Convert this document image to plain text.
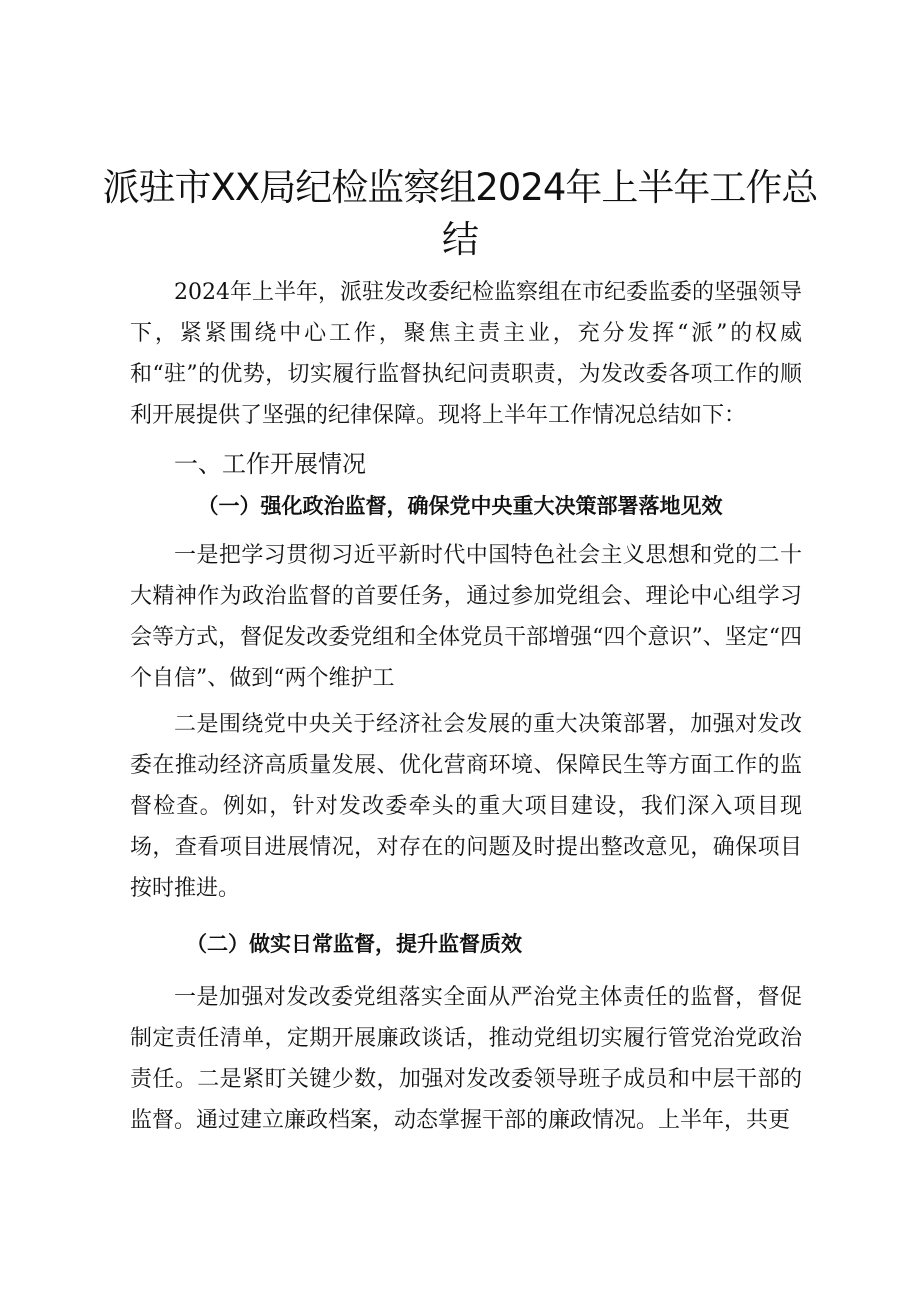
派驻市XX局纪检监察组2024年上半年工作总结

2024年上半年，派驻发改委纪检监察组在市纪委监委的坚强领导下，紧紧围绕中心工作，聚焦主责主业，充分发挥“派”的权威和“驻”的优势，切实履行监督执纪问责职责，为发改委各项工作的顺利开展提供了坚强的纪律保障。现将上半年工作情况总结如下：

一、工作开展情况
（一）强化政治监督，确保党中央重大决策部署落地见效

一是把学习贯彻习近平新时代中国特色社会主义思想和党的二十大精神作为政治监督的首要任务，通过参加党组会、理论中心组学习会等方式，督促发改委党组和全体党员干部增强“四个意识”、坚定“四个自信”、做到“两个维护工

二是围绕党中央关于经济社会发展的重大决策部署，加强对发改委在推动经济高质量发展、优化营商环境、保障民生等方面工作的监督检查。例如，针对发改委牵头的重大项目建设，我们深入项目现场，查看项目进展情况，对存在的问题及时提出整改意见，确保项目按时推进。

（二）做实日常监督，提升监督质效

一是加强对发改委党组落实全面从严治党主体责任的监督，督促制定责任清单，定期开展廉政谈话，推动党组切实履行管党治党政治责任。二是紧盯关键少数，加强对发改委领导班子成员和中层干部的监督。通过建立廉政档案，动态掌握干部的廉政情况。上半年，共更
